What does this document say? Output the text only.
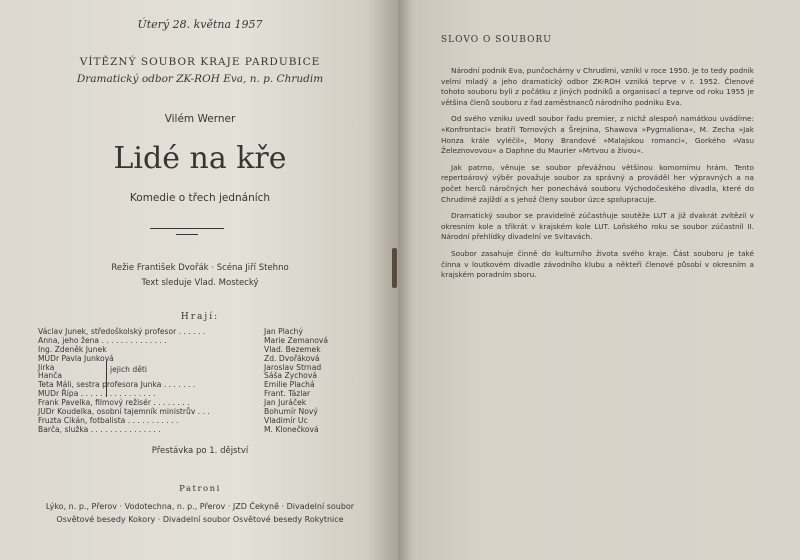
Úterý 28. května 1957
VÍTĚZNÝ SOUBOR KRAJE PARDUBICE
Dramatický odbor ZK-ROH Eva, n. p. Chrudim
Vilém Werner
Lidé na kře
Komedie o třech jednáních
Režie František Dvořák · Scéna Jiří Stehno
Text sleduje Vlad. Mostecký
Hrají:
Václav Junek, středoškolský profesor . . . . . .	Jan Plachý
Anna, jeho žena . . . . . . . . . . . . . .	Marie Zemanová
Ing. Zdeněk Junek	Vlad. Bezemek
MUDr Pavla Junková	Zd. Dvořáková
Jirka	Jaroslav Strnad
Hanča	Sáša Zychová
Teta Máli, sestra profesora Junka . . . . . . .	Emilie Plachá
MUDr Řípa . . . . . . . . . . . . . . . .	Frant. Tázlar
Frank Pavelka, filmový režisér . . . . . . . .	Jan Juráček
JUDr Koudelka, osobní tajemník ministrův . . .	Bohumír Nový
Fruzta Cikán, fotbalista . . . . . . . . . . .	Vladimír Uc
Barča, služka . . . . . . . . . . . . . . .	M. Klonečková
jejich děti
Přestávka po 1. dějství
Patroni
Lýko, n. p., Přerov · Vodotechna, n. p., Přerov · JZD Čekyně · Divadelní soubor
Osvětové besedy Kokory · Divadelní soubor Osvětové besedy Rokytnice
SLOVO O SOUBORU

Národní podnik Eva, punčochárny v Chrudimi, vznikl v roce 1950. Je to tedy podnik velmi mladý a jeho dramatický odbor ZK-ROH vzniká teprve v r. 1952. Členové tohoto souboru byli z počátku z jiných podniků a organisací a teprve od roku 1955 je většina členů souboru z řad zaměstnanců národního podniku Eva.

Od svého vzniku uvedl soubor řadu premier, z nichž alespoň namátkou uvádíme: »Konfrontaci« bratří Tornových a Šrejnina, Shawova »Pygmaliona«, M. Zecha »Jak Honza krále vyléčil«, Mony Brandové »Malajskou romanci«, Gorkého »Vasu Železnovovou« a Daphne du Maurier »Mrtvou a živou«.

Jak patrno, věnuje se soubor převážnou většinou komornímu hrám. Tento repertoárový výběr považuje soubor za správný a prováděl her výpravných a na počet herců náročných her ponechává souboru Východočeského divadla, které do Chrudimě zajíždí a s jehož členy soubor úzce spolupracuje.

Dramatický soubor se pravidelně zúčastňuje soutěže LUT a již dvakrát zvítězil v okresním kole a třikrát v krajském kole LUT. Loňského roku se soubor zúčastnil II. Národní přehlídky divadelní ve Svitavách.

Soubor zasahuje činně do kulturního života svého kraje. Část souboru je také činna v loutkovém divadle závodního klubu a někteří členové působí v okresním a krajském poradním sboru.
